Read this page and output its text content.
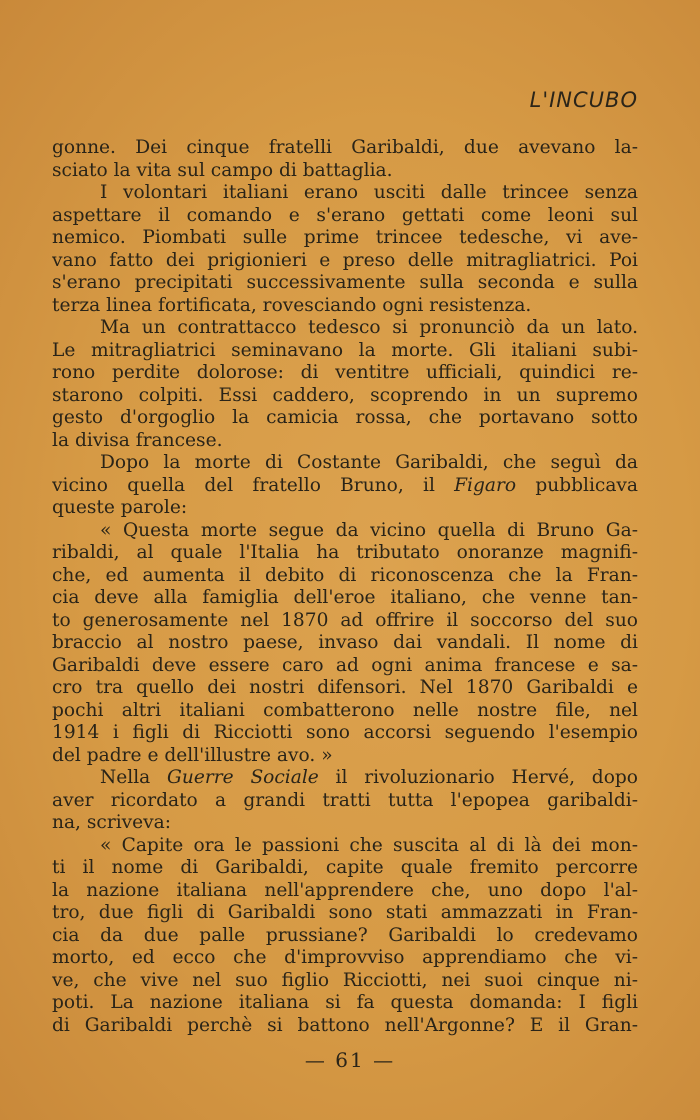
L'INCUBO
gonne. Dei cinque fratelli Garibaldi, due avevano la-
sciato la vita sul campo di battaglia.
I volontari italiani erano usciti dalle trincee senza
aspettare il comando e s'erano gettati come leoni sul
nemico. Piombati sulle prime trincee tedesche, vi ave-
vano fatto dei prigionieri e preso delle mitragliatrici. Poi
s'erano precipitati successivamente sulla seconda e sulla
terza linea fortificata, rovesciando ogni resistenza.
Ma un contrattacco tedesco si pronunciò da un lato.
Le mitragliatrici seminavano la morte. Gli italiani subi-
rono perdite dolorose: di ventitre ufficiali, quindici re-
starono colpiti. Essi caddero, scoprendo in un supremo
gesto d'orgoglio la camicia rossa, che portavano sotto
la divisa francese.
Dopo la morte di Costante Garibaldi, che seguì da
vicino quella del fratello Bruno, il Figaro pubblicava
queste parole:
« Questa morte segue da vicino quella di Bruno Ga-
ribaldi, al quale l'Italia ha tributato onoranze magnifi-
che, ed aumenta il debito di riconoscenza che la Fran-
cia deve alla famiglia dell'eroe italiano, che venne tan-
to generosamente nel 1870 ad offrire il soccorso del suo
braccio al nostro paese, invaso dai vandali. Il nome di
Garibaldi deve essere caro ad ogni anima francese e sa-
cro tra quello dei nostri difensori. Nel 1870 Garibaldi e
pochi altri italiani combatterono nelle nostre file, nel
1914 i figli di Ricciotti sono accorsi seguendo l'esempio
del padre e dell'illustre avo. »
Nella Guerre Sociale il rivoluzionario Hervé, dopo
aver ricordato a grandi tratti tutta l'epopea garibaldi-
na, scriveva:
« Capite ora le passioni che suscita al di là dei mon-
ti il nome di Garibaldi, capite quale fremito percorre
la nazione italiana nell'apprendere che, uno dopo l'al-
tro, due figli di Garibaldi sono stati ammazzati in Fran-
cia da due palle prussiane? Garibaldi lo credevamo
morto, ed ecco che d'improvviso apprendiamo che vi-
ve, che vive nel suo figlio Ricciotti, nei suoi cinque ni-
poti. La nazione italiana si fa questa domanda: I figli
di Garibaldi perchè si battono nell'Argonne? E il Gran-
— 61 —
